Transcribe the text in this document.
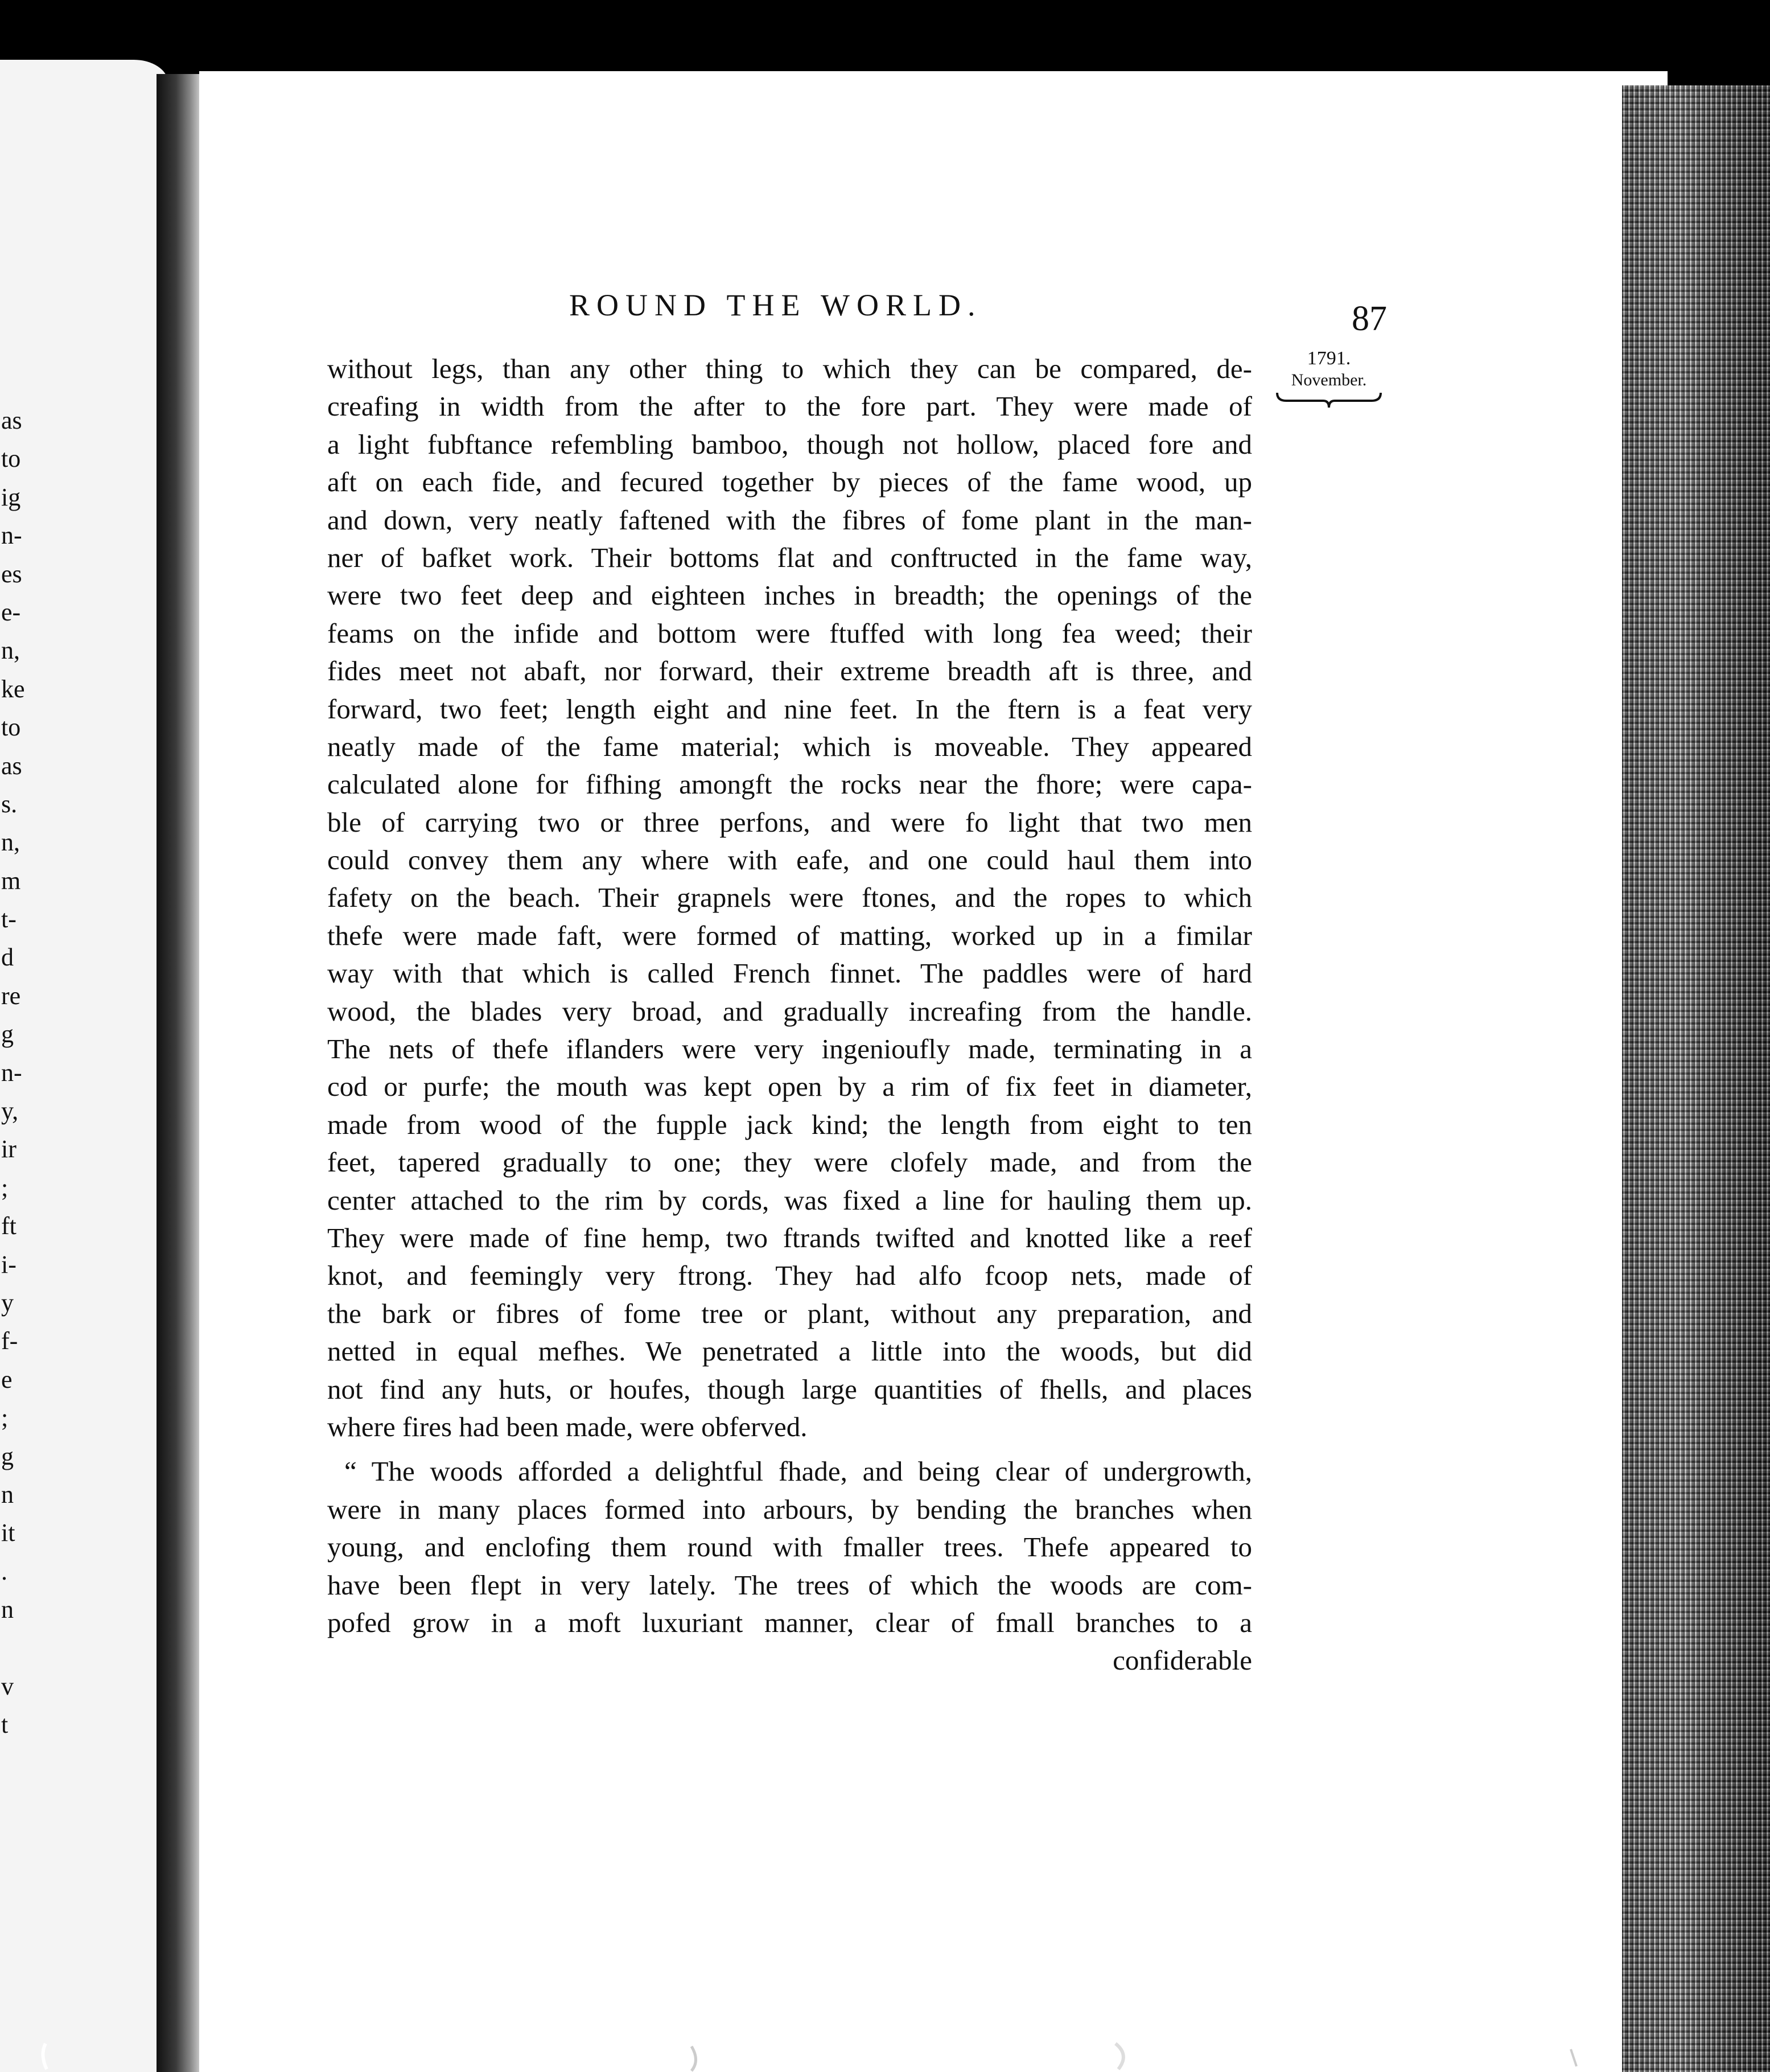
as
to
ig
n-
es
e-
n,
ke
to
as
s.
n,
m
t-
d
re
g
n-
y,
ir
;
ft
i-
y
f-
e
;
g
n
it
.
n
v
t
ROUND THE WORLD.	87
1791.
November.
without legs, than any other thing to which they can be compared, de-
creafing in width from the after to the fore part. They were made of
a light fubftance refembling bamboo, though not hollow, placed fore and
aft on each fide, and fecured together by pieces of the fame wood, up
and down, very neatly faftened with the fibres of fome plant in the man-
ner of bafket work. Their bottoms flat and conftructed in the fame way,
were two feet deep and eighteen inches in breadth; the openings of the
feams on the infide and bottom were ftuffed with long fea weed; their
fides meet not abaft, nor forward, their extreme breadth aft is three, and
forward, two feet; length eight and nine feet. In the ftern is a feat very
neatly made of the fame material; which is moveable. They appeared
calculated alone for fifhing amongft the rocks near the fhore; were capa-
ble of carrying two or three perfons, and were fo light that two men
could convey them any where with eafe, and one could haul them into
fafety on the beach. Their grapnels were ftones, and the ropes to which
thefe were made faft, were formed of matting, worked up in a fimilar
way with that which is called French finnet. The paddles were of hard
wood, the blades very broad, and gradually increafing from the handle.
The nets of thefe iflanders were very ingenioufly made, terminating in a
cod or purfe; the mouth was kept open by a rim of fix feet in diameter,
made from wood of the fupple jack kind; the length from eight to ten
feet, tapered gradually to one; they were clofely made, and from the
center attached to the rim by cords, was fixed a line for hauling them up.
They were made of fine hemp, two ftrands twifted and knotted like a reef
knot, and feemingly very ftrong. They had alfo fcoop nets, made of
the bark or fibres of fome tree or plant, without any preparation, and
netted in equal mefhes. We penetrated a little into the woods, but did
not find any huts, or houfes, though large quantities of fhells, and places
where fires had been made, were obferved.
“ The woods afforded a delightful fhade, and being clear of undergrowth,
were in many places formed into arbours, by bending the branches when
young, and enclofing them round with fmaller trees. Thefe appeared to
have been flept in very lately. The trees of which the woods are com-
pofed grow in a moft luxuriant manner, clear of fmall branches to a
confiderable
